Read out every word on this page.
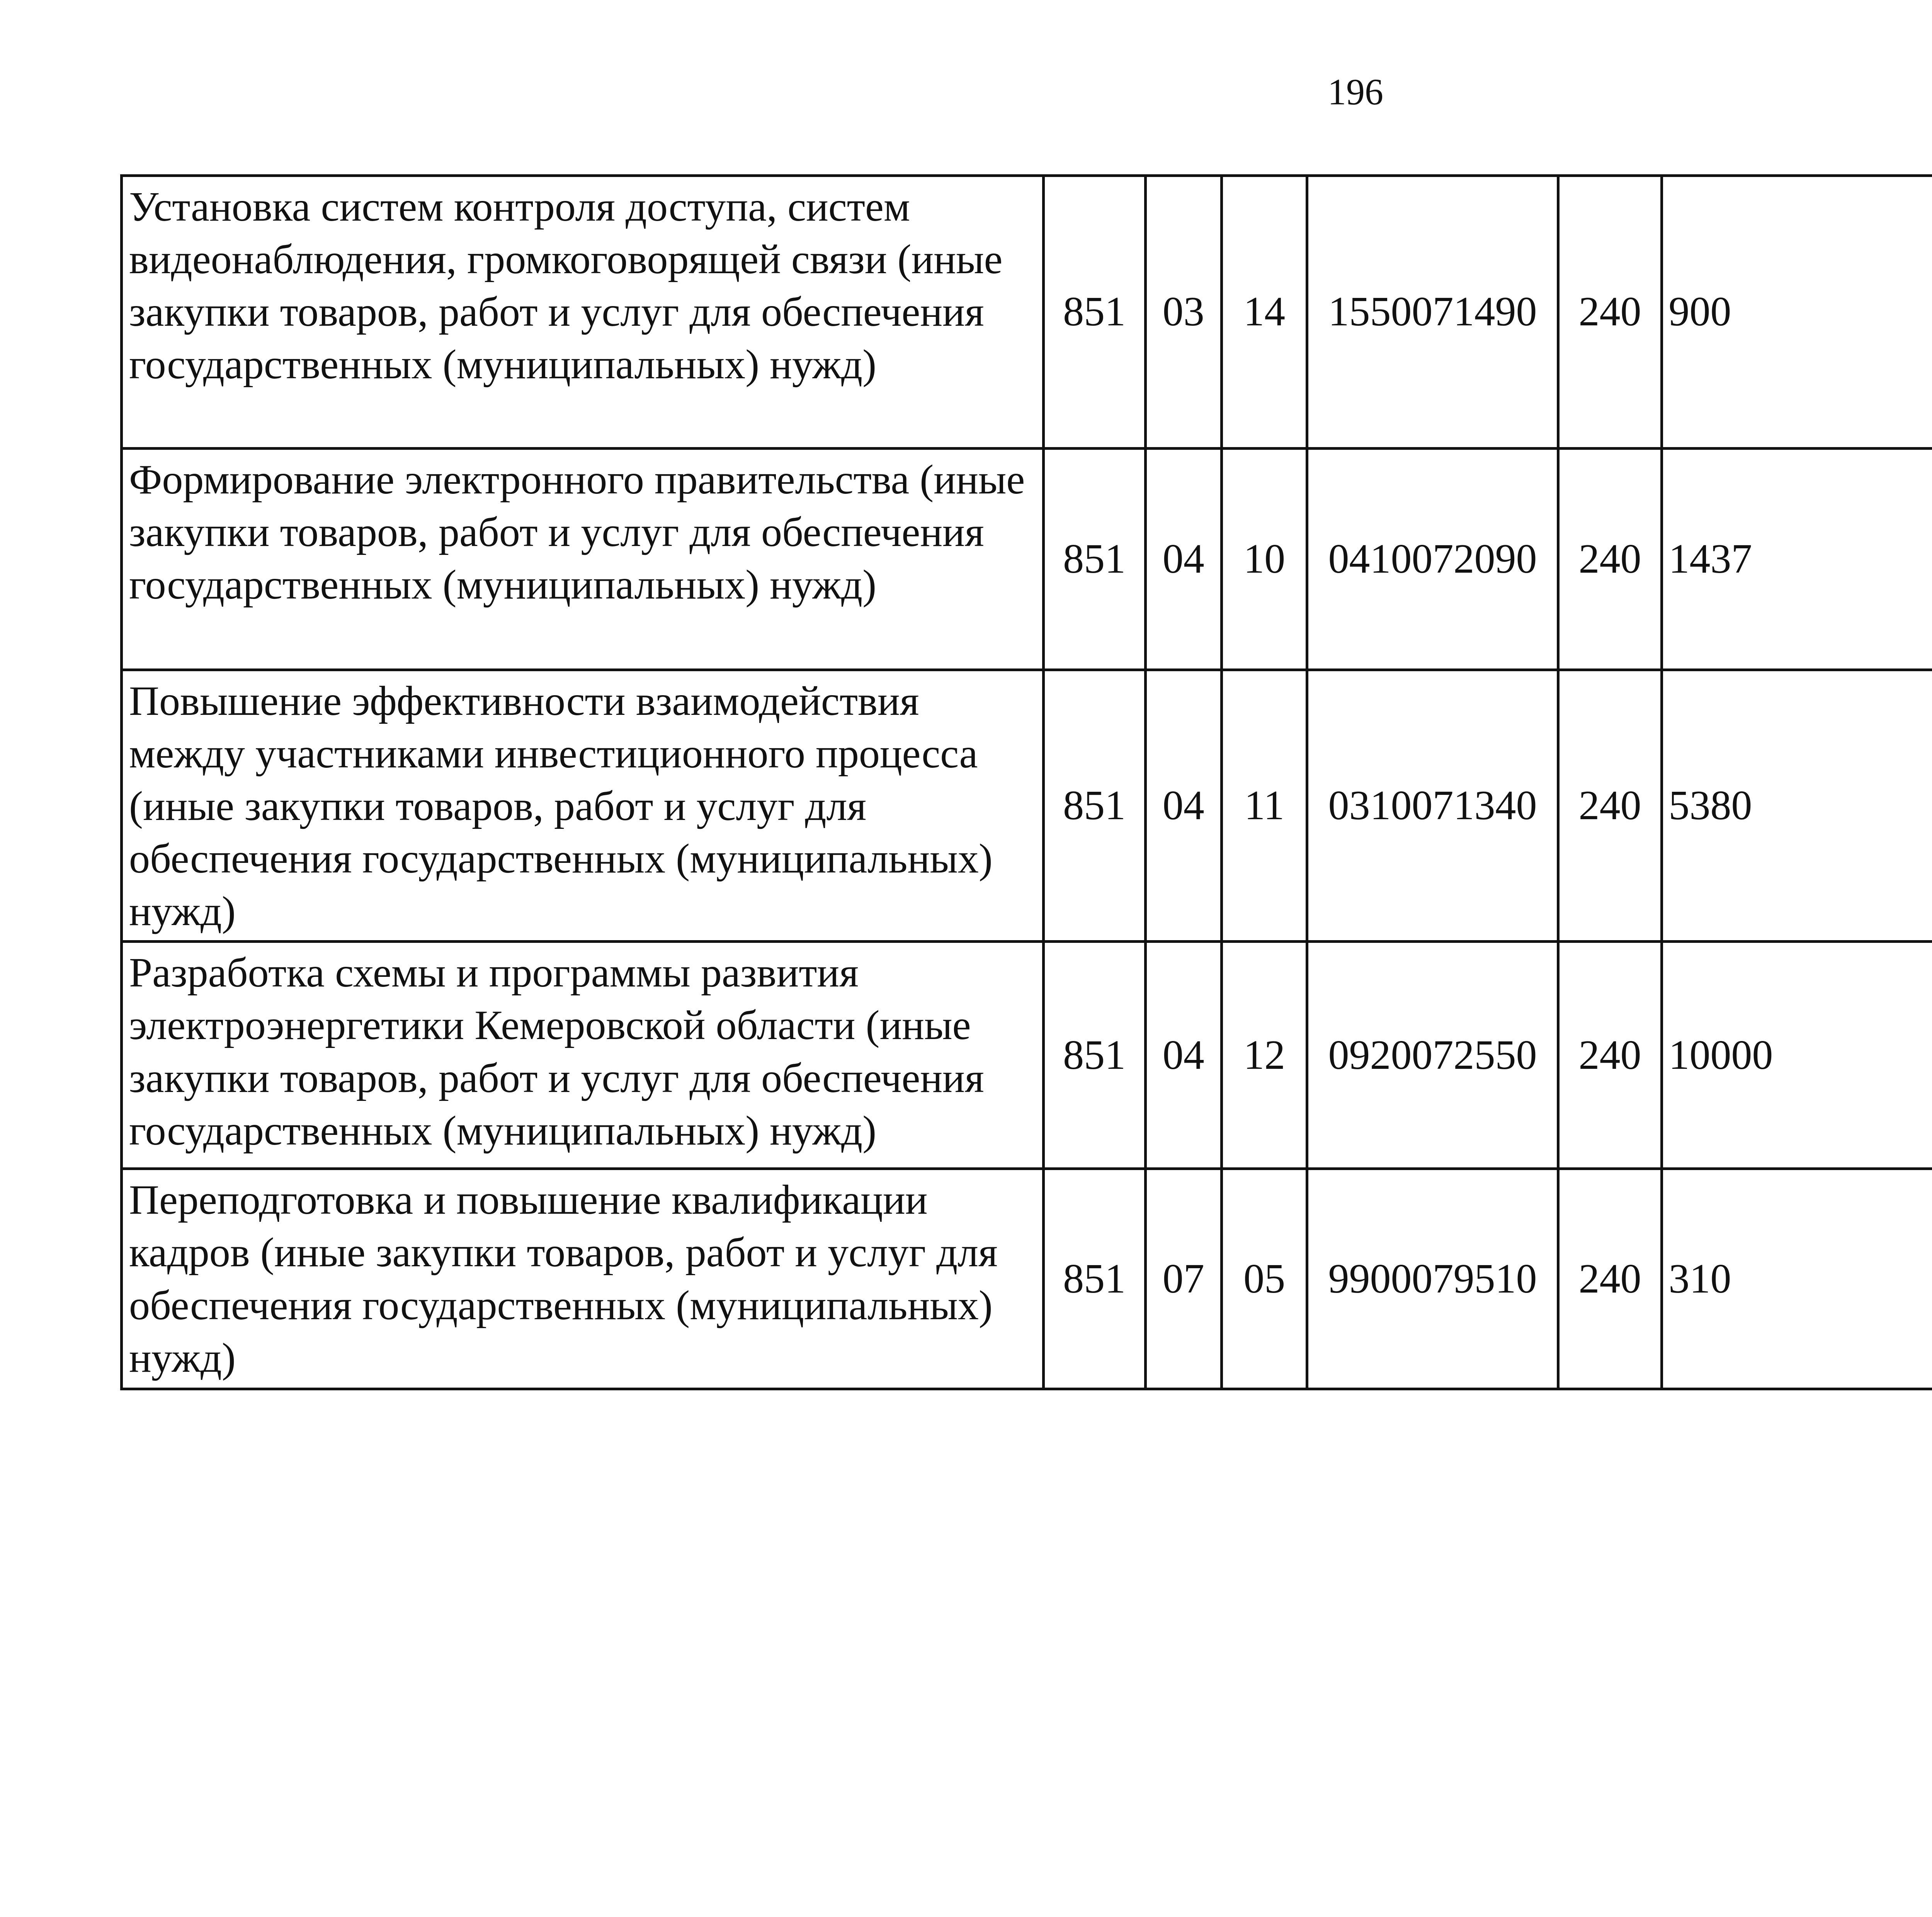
196
Установка систем контроля доступа, систем видеонаблюдения, громкоговорящей связи (иные закупки товаров, работ и услуг для обеспечения государственных (муниципальных) нужд)	851	03	14	1550071490	240	900		
Формирование электронного правительства (иные закупки товаров, работ и услуг для обеспечения государственных (муниципальных) нужд)	851	04	10	0410072090	240	1437		
Повышение эффективности взаимодействия между участниками инвестиционного процесса (иные закупки товаров, работ и услуг для обеспечения государственных (муниципальных) нужд)	851	04	11	0310071340	240	5380		
Разработка схемы и программы развития электроэнергетики Кемеровской области (иные закупки товаров, работ и услуг для обеспечения государственных (муниципальных) нужд)	851	04	12	0920072550	240	10000		
Переподготовка и повышение квалификации кадров (иные закупки товаров, работ и услуг для обеспечения государственных (муниципальных) нужд)	851	07	05	9900079510	240	310		
